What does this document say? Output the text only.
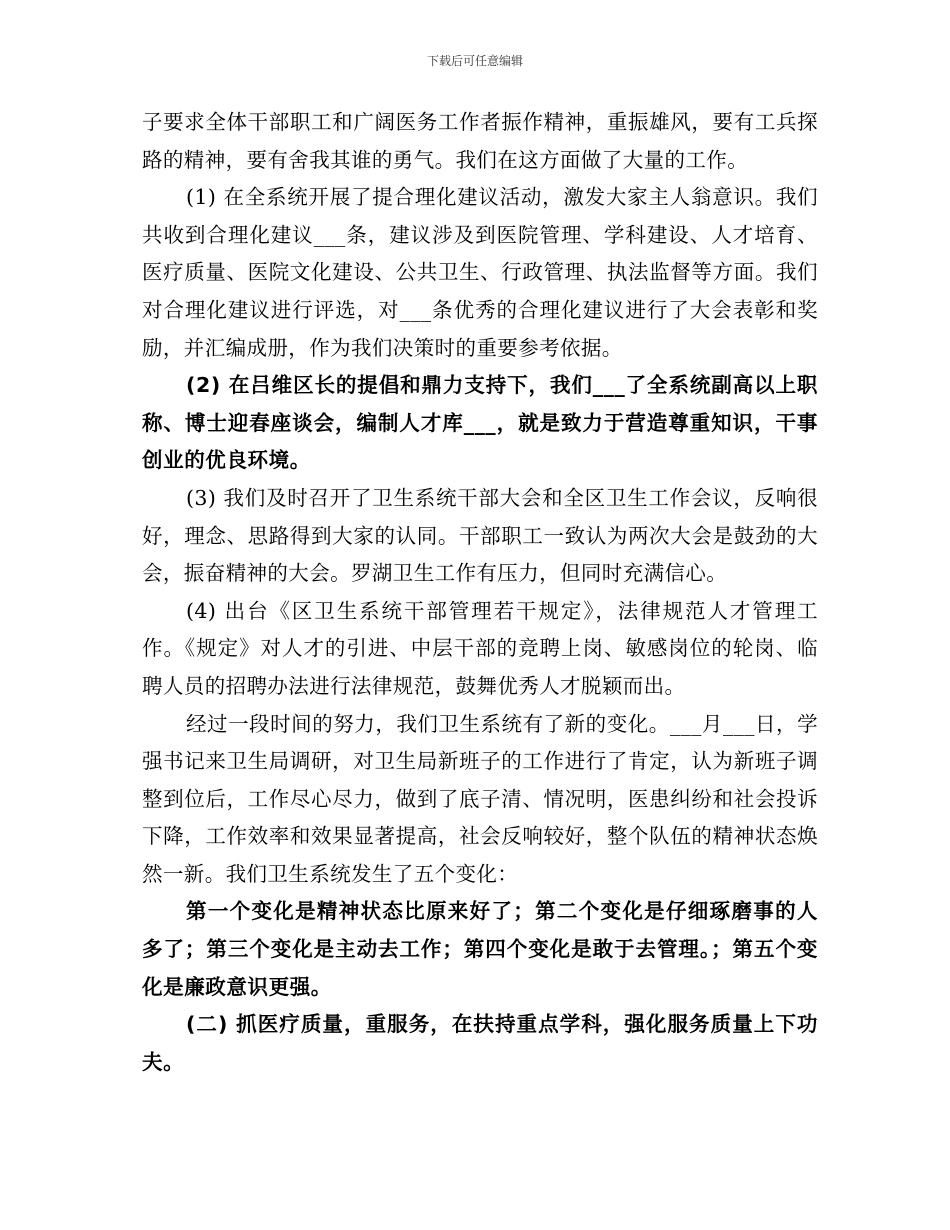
下载后可任意编辑

子要求全体干部职工和广阔医务工作者振作精神，重振雄风，要有工兵探路的精神，要有舍我其谁的勇气。我们在这方面做了大量的工作。

(1) 在全系统开展了提合理化建议活动，激发大家主人翁意识。我们共收到合理化建议___条，建议涉及到医院管理、学科建设、人才培育、医疗质量、医院文化建设、公共卫生、行政管理、执法监督等方面。我们对合理化建议进行评选，对___条优秀的合理化建议进行了大会表彰和奖励，并汇编成册，作为我们决策时的重要参考依据。

(2) 在吕维区长的提倡和鼎力支持下，我们___了全系统副高以上职称、博士迎春座谈会，编制人才库___，就是致力于营造尊重知识，干事创业的优良环境。

(3) 我们及时召开了卫生系统干部大会和全区卫生工作会议，反响很好，理念、思路得到大家的认同。干部职工一致认为两次大会是鼓劲的大会，振奋精神的大会。罗湖卫生工作有压力，但同时充满信心。

(4) 出台《区卫生系统干部管理若干规定》，法律规范人才管理工作。《规定》对人才的引进、中层干部的竞聘上岗、敏感岗位的轮岗、临聘人员的招聘办法进行法律规范，鼓舞优秀人才脱颖而出。

经过一段时间的努力，我们卫生系统有了新的变化。___月___日，学强书记来卫生局调研，对卫生局新班子的工作进行了肯定，认为新班子调整到位后，工作尽心尽力，做到了底子清、情况明，医患纠纷和社会投诉下降，工作效率和效果显著提高，社会反响较好，整个队伍的精神状态焕然一新。我们卫生系统发生了五个变化：

第一个变化是精神状态比原来好了；第二个变化是仔细琢磨事的人多了；第三个变化是主动去工作；第四个变化是敢于去管理。；第五个变化是廉政意识更强。

(二) 抓医疗质量，重服务，在扶持重点学科，强化服务质量上下功夫。
